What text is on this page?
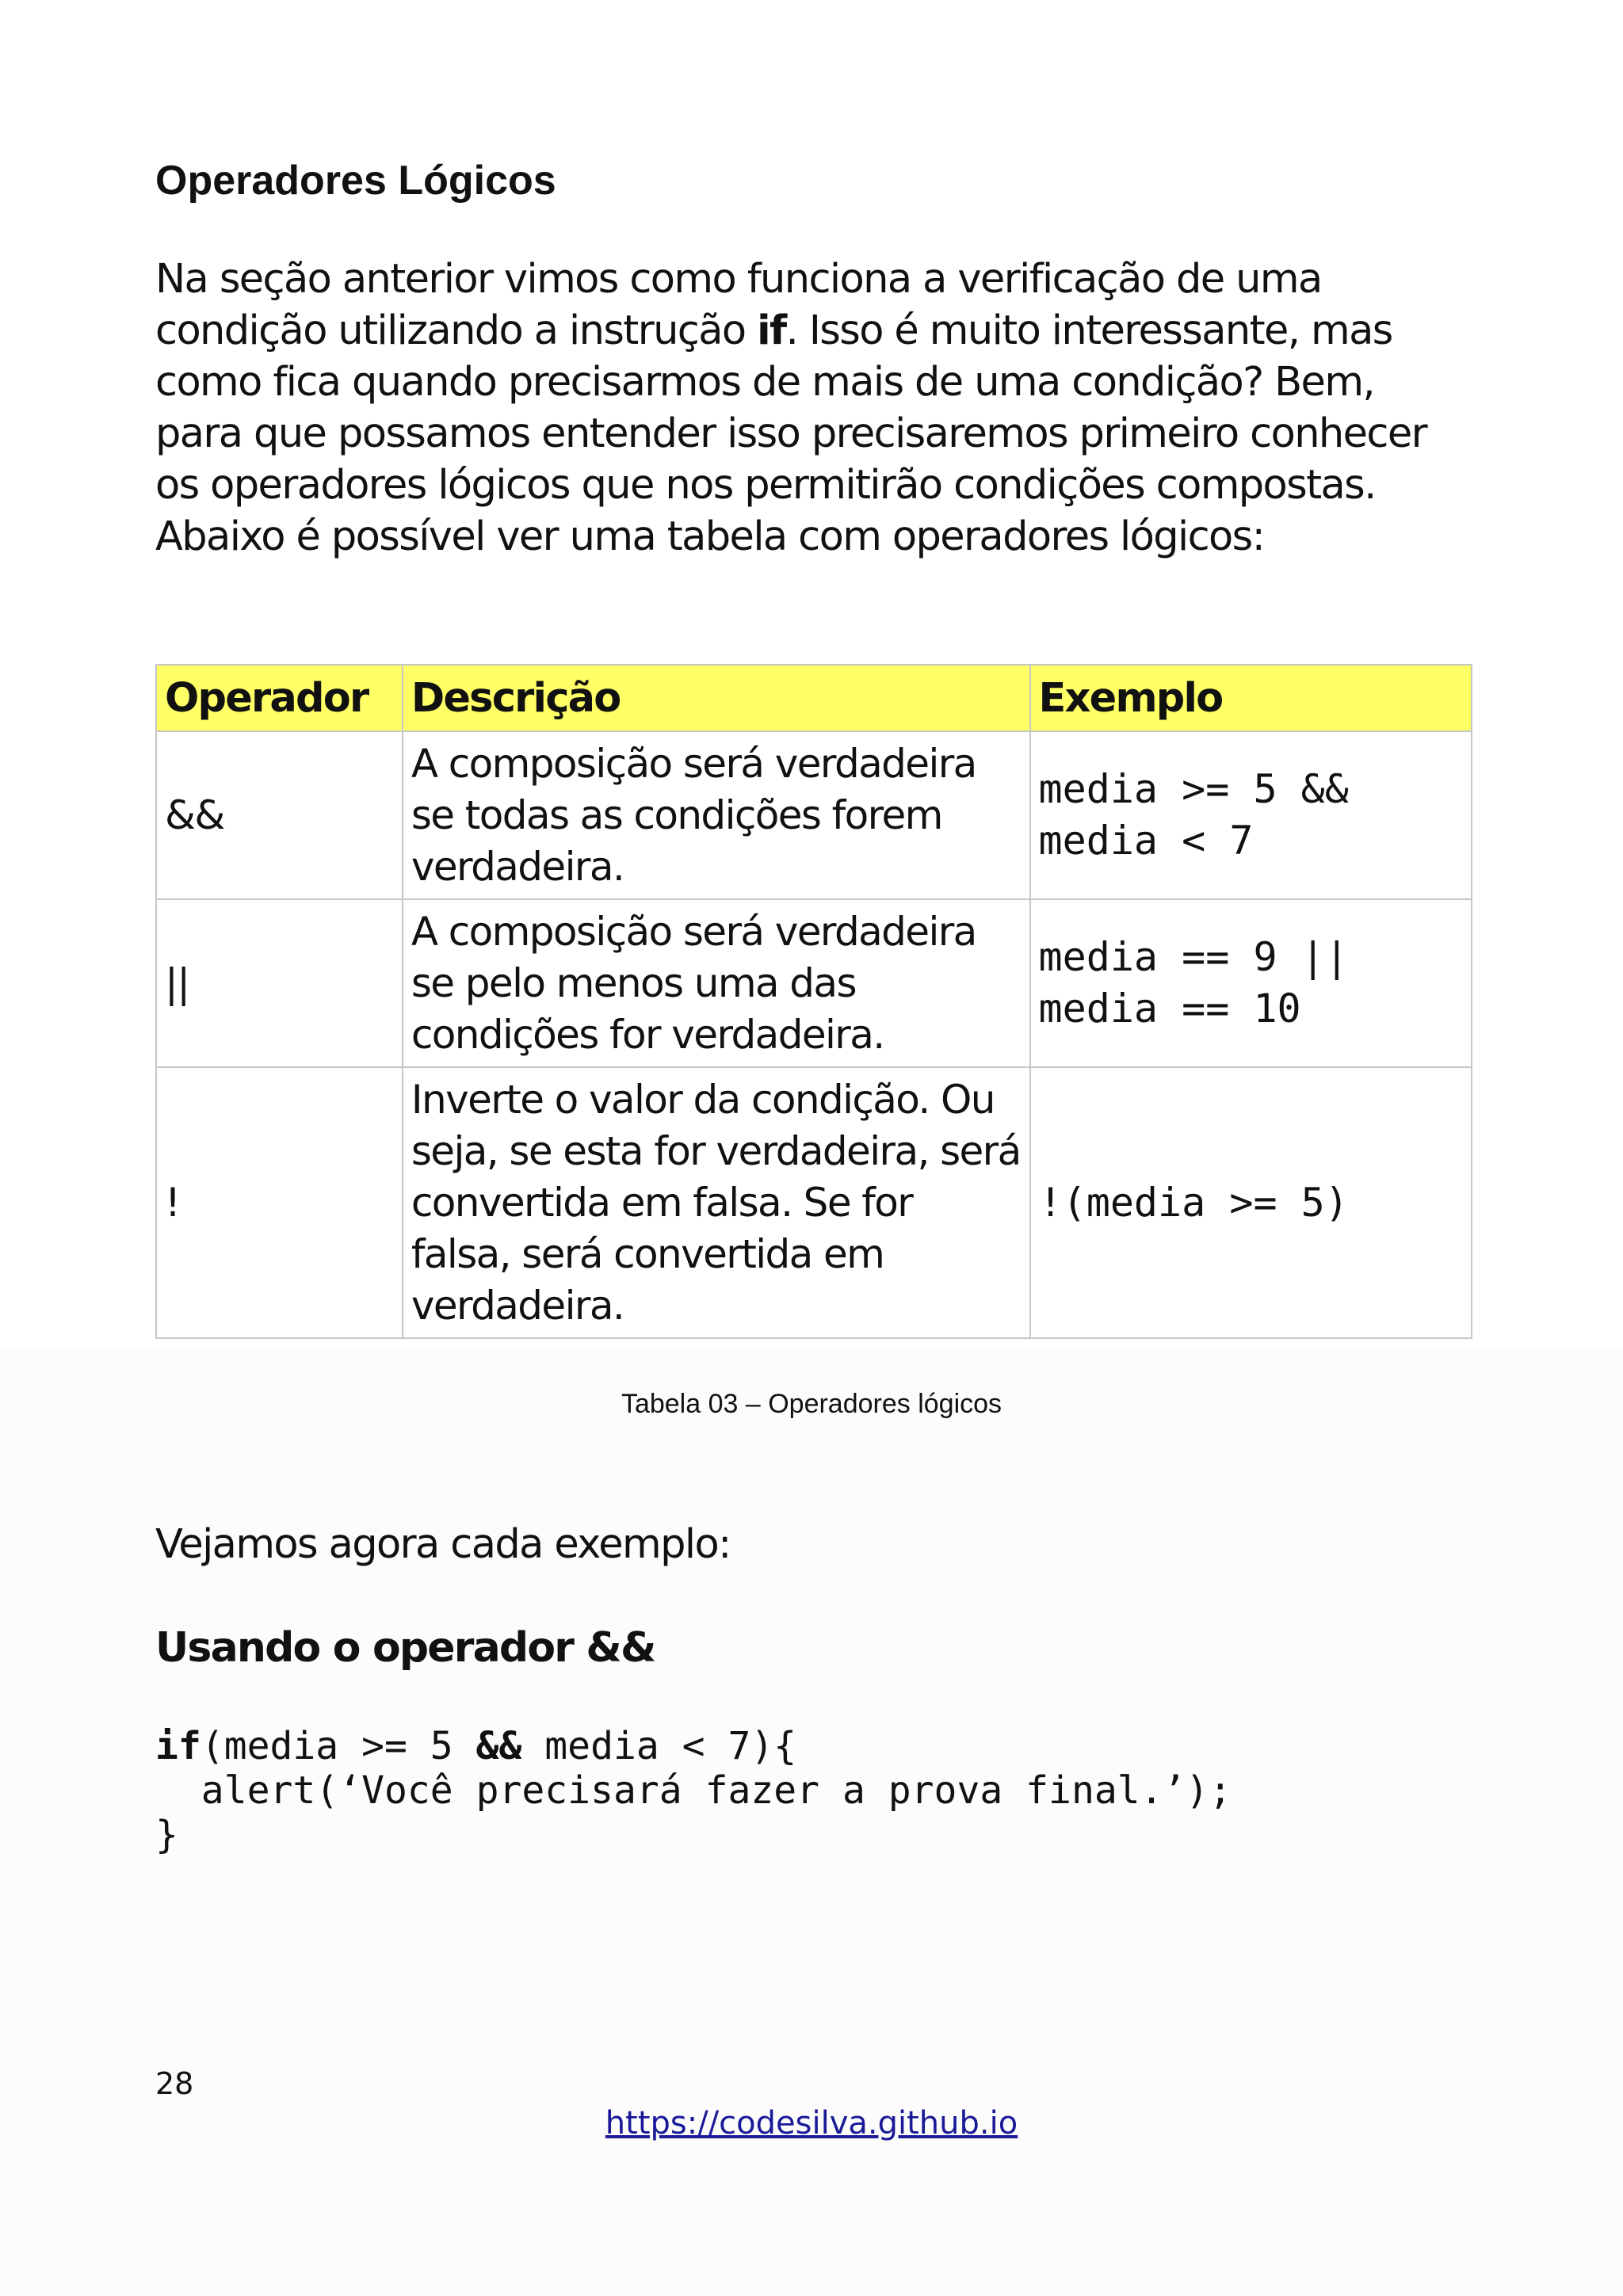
Operadores Lógicos

Na seção anterior vimos como funciona a verificação de uma

condição utilizando a instrução if. Isso é muito interessante, mas

como fica quando precisarmos de mais de uma condição? Bem,

para que possamos entender isso precisaremos primeiro conhecer

os operadores lógicos que nos permitirão condições compostas.

Abaixo é possível ver uma tabela com operadores lógicos:

Operador	Descrição	Exemplo
&&	A composição será verdadeira se todas as condições forem verdadeira.	media >= 5 &&
media < 7

||	A composição será verdadeira se pelo menos uma das condições for verdadeira.	media == 9 ||
media == 10

!	Inverte o valor da condição. Ou seja, se esta for verdadeira, será convertida em falsa. Se for falsa, será convertida em verdadeira.	!(media >= 5)
Tabela 03 – Operadores lógicos
Vejamos agora cada exemplo:
Usando o operador &&
if(media >= 5 && media < 7){
alert(‘Você precisará fazer a prova final.’);
}
28
https://codesilva.github.io
